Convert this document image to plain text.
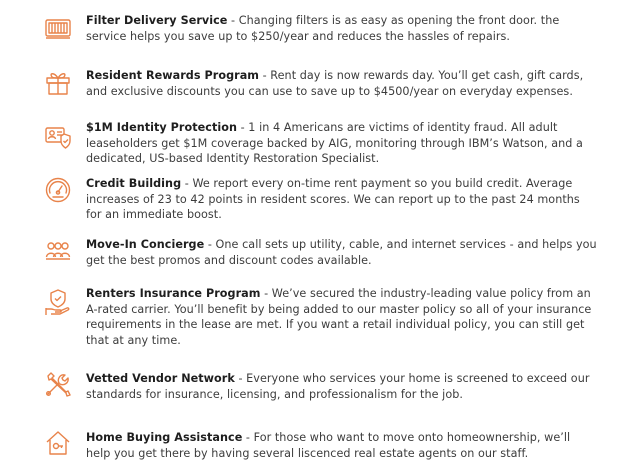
Filter Delivery Service - Changing filters is as easy as opening the front door. the service helps you save up to $250/year and reduces the hassles of repairs.
Resident Rewards Program - Rent day is now rewards day. You’ll get cash, gift cards, and exclusive discounts you can use to save up to $4500/year on everyday expenses.
$1M Identity Protection - 1 in 4 Americans are victims of identity fraud. All adult leaseholders get $1M coverage backed by AIG, monitoring through IBM’s Watson, and a dedicated, US-based Identity Restoration Specialist.
Credit Building - We report every on-time rent payment so you build credit. Average increases of 23 to 42 points in resident scores. We can report up to the past 24 months for an immediate boost.
Move-In Concierge - One call sets up utility, cable, and internet services - and helps you get the best promos and discount codes available.
Renters Insurance Program - We’ve secured the industry-leading value policy from an A-rated carrier. You’ll benefit by being added to our master policy so all of your insurance requirements in the lease are met. If you want a retail individual policy, you can still get that at any time.
Vetted Vendor Network - Everyone who services your home is screened to exceed our standards for insurance, licensing, and professionalism for the job.
Home Buying Assistance - For those who want to move onto homeownership, we’ll help you get there by having several liscenced real estate agents on our staff.
